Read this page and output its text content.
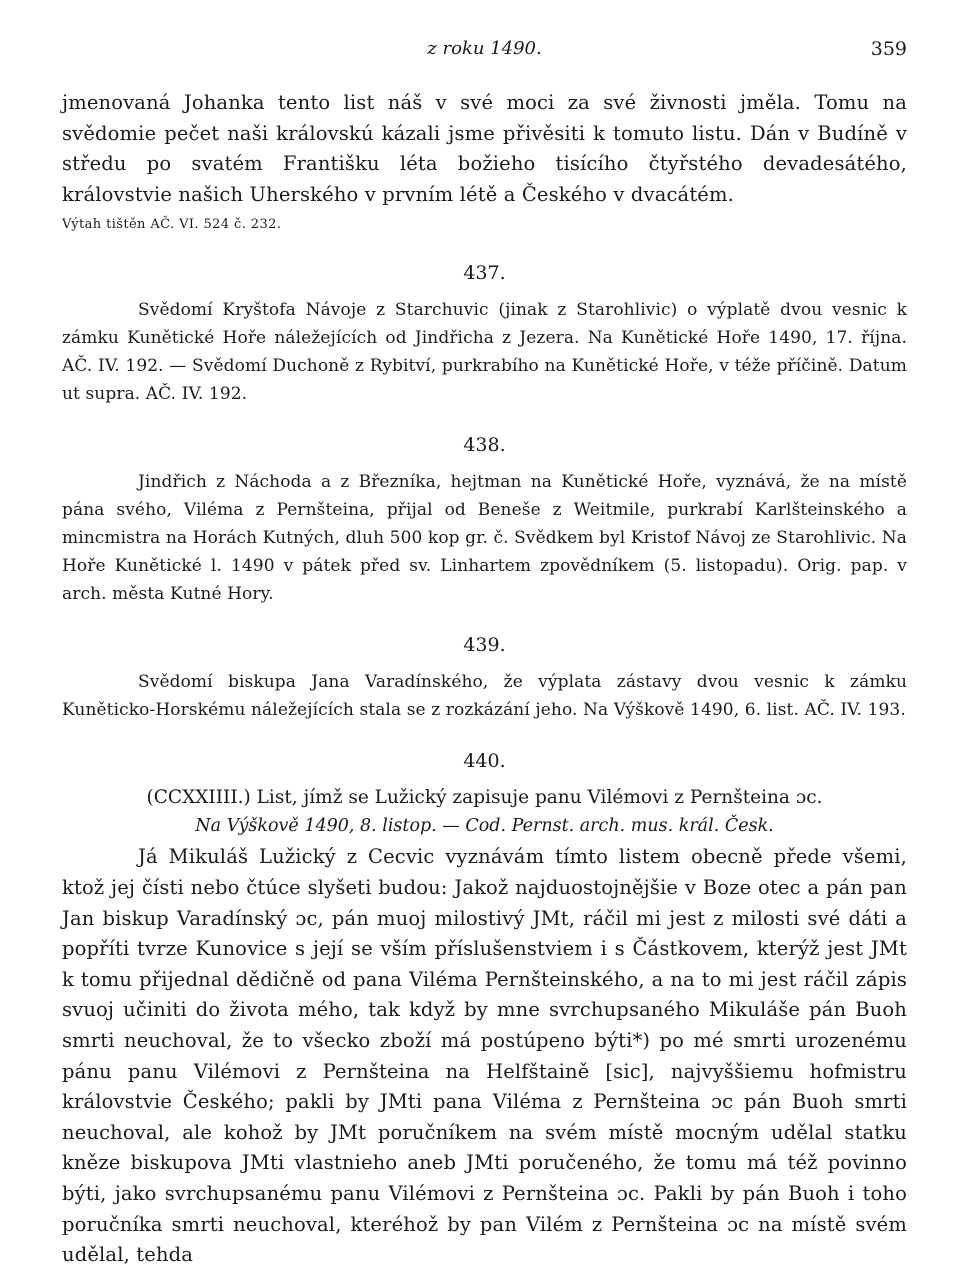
z roku 1490.	359

jmenovaná Johanka tento list náš v své moci za své živnosti jměla. Tomu na svědomie pečet naši královskú kázali jsme přivěsiti k tomuto listu. Dán v Budíně v středu po svatém Františku léta božieho tisícího čtyřstého devadesátého, královstvie našich Uherského v prvním létě a Českého v dvacátém.

Výtah tištěn AČ. VI. 524 č. 232.
437.

Svědomí Kryštofa Návoje z Starchuvic (jinak z Starohlivic) o výplatě dvou vesnic k zámku Kunětické Hoře náležejících od Jindřicha z Jezera. Na Kunětické Hoře 1490, 17. října. AČ. IV. 192. — Svědomí Duchoně z Rybitví, purkrabího na Kunětické Hoře, v téže příčině. Datum ut supra. AČ. IV. 192.

438.

Jindřich z Náchoda a z Březníka, hejtman na Kunětické Hoře, vyznává, že na místě pána svého, Viléma z Pernšteina, přijal od Beneše z Weitmile, purkrabí Karlšteinského a mincmistra na Horách Kutných, dluh 500 kop gr. č. Svědkem byl Kristof Návoj ze Starohlivic. Na Hoře Kunětické l. 1490 v pátek před sv. Linhartem zpovědníkem (5. listopadu). Orig. pap. v arch. města Kutné Hory.

439.

Svědomí biskupa Jana Varadínského, že výplata zástavy dvou vesnic k zámku Kuněticko-Horskému náležejících stala se z rozkázání jeho. Na Výškově 1490, 6. list. AČ. IV. 193.

440.
(CCXXIIII.) List, jímž se Lužický zapisuje panu Vilémovi z Pernšteina ɔc.
Na Výškově 1490, 8. listop. — Cod. Pernst. arch. mus. král. Česk.

Já Mikuláš Lužický z Cecvic vyznávám tímto listem obecně přede všemi, ktož jej čísti nebo čtúce slyšeti budou: Jakož najduostojnějšie v Boze otec a pán pan Jan biskup Varadínský ɔc, pán muoj milostivý JMt, ráčil mi jest z milosti své dáti a popříti tvrze Kunovice s její se vším příslušenstviem i s Částkovem, kterýž jest JMt k tomu přijednal dědičně od pana Viléma Pernšteinského, a na to mi jest ráčil zápis svuoj učiniti do života mého, tak když by mne svrchupsaného Mikuláše pán Buoh smrti neuchoval, že to všecko zboží má postúpeno býti*) po mé smrti urozenému pánu panu Vilémovi z Pernšteina na Helfštaině [sic], najvyššiemu hofmistru královstvie Českého; pakli by JMti pana Viléma z Pernšteina ɔc pán Buoh smrti neuchoval, ale kohož by JMt poručníkem na svém místě mocným udělal statku kněze biskupova JMti vlastnieho aneb JMti poručeného, že tomu má též povinno býti, jako svrchupsanému panu Vilémovi z Pernšteina ɔc. Pakli by pán Buoh i toho poručníka smrti neuchoval, kteréhož by pan Vilém z Pernšteina ɔc na místě svém udělal, tehda
